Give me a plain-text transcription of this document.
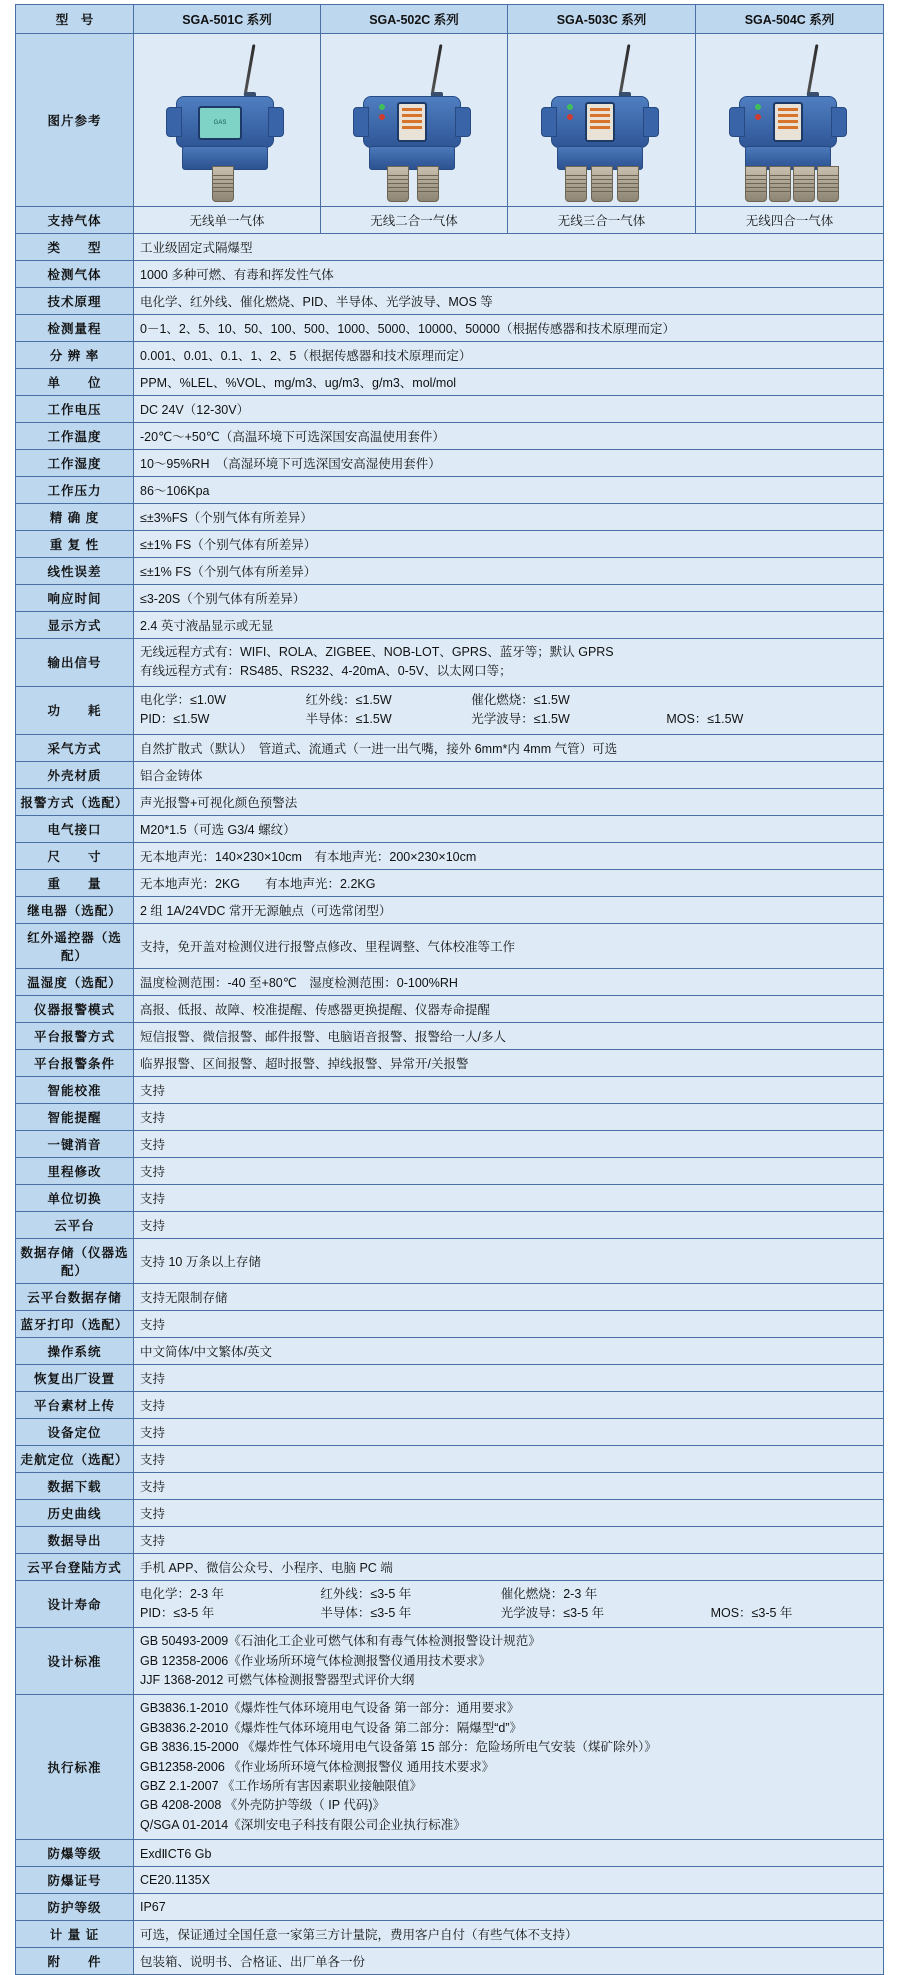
型　号	SGA-501C 系列	SGA-502C 系列	SGA-503C 系列	SGA-504C 系列
图片参考	GAS			

支持气体	无线单一气体	无线二合一气体	无线三合一气体	无线四合一气体
类　　型	工业级固定式隔爆型			
检测气体	1000 多种可燃、有毒和挥发性气体			
技术原理	电化学、红外线、催化燃烧、PID、半导体、光学波导、MOS 等			
检测量程	0－1、2、5、10、50、100、500、1000、5000、10000、50000（根据传感器和技术原理而定）			
分 辨 率	0.001、0.01、0.1、1、2、5（根据传感器和技术原理而定）			
单　　位	PPM、%LEL、%VOL、mg/m3、ug/m3、g/m3、mol/mol			
工作电压	DC 24V（12-30V）			
工作温度	-20℃～+50℃（高温环境下可选深国安高温使用套件）			
工作湿度	10～95%RH　（高湿环境下可选深国安高湿使用套件）			
工作压力	86～106Kpa			
精 确 度	≤±3%FS（个别气体有所差异）			
重 复 性	≤±1% FS（个别气体有所差异）			
线性误差	≤±1% FS（个别气体有所差异）			
响应时间	≤3-20S（个别气体有所差异）			
显示方式	2.4 英寸液晶显示或无显			
输出信号	无线远程方式有：WIFI、ROLA、ZIGBEE、NOB-LOT、GPRS、蓝牙等；默认 GPRS
有线远程方式有：RS485、RS232、4-20mA、0-5V、以太网口等；			

功　　耗	电化学：≤1.0W 红外线：≤1.5W 催化燃烧：≤1.5W
PID：≤1.5W 半导体：≤1.5W 光学波导：≤1.5W MOS：≤1.5W			

采气方式	自然扩散式（默认）　管道式、流通式（一进一出气嘴，接外 6mm*内 4mm 气管）可选			
外壳材质	铝合金铸体			
报警方式（选配）	声光报警+可视化颜色预警法			
电气接口	M20*1.5（可选 G3/4 螺纹）			
尺　　寸	无本地声光：140×230×10cm　有本地声光：200×230×10cm			
重　　量	无本地声光：2KG　　有本地声光：2.2KG			
继电器（选配）	2 组 1A/24VDC 常开无源触点（可选常闭型）			
红外遥控器（选配）	支持，免开盖对检测仪进行报警点修改、里程调整、气体校准等工作			
温湿度（选配）	温度检测范围：-40 至+80℃　湿度检测范围：0-100%RH			
仪器报警模式	高报、低报、故障、校准提醒、传感器更换提醒、仪器寿命提醒			
平台报警方式	短信报警、微信报警、邮件报警、电脑语音报警、报警给一人/多人			
平台报警条件	临界报警、区间报警、超时报警、掉线报警、异常开/关报警			
智能校准	支持			
智能提醒	支持			
一键消音	支持			
里程修改	支持			
单位切换	支持			
云平台	支持			
数据存储（仪器选配）	支持 10 万条以上存储			
云平台数据存储	支持无限制存储			
蓝牙打印（选配）	支持			
操作系统	中文简体/中文繁体/英文			
恢复出厂设置	支持			
平台素材上传	支持			
设备定位	支持			
走航定位（选配）	支持			
数据下载	支持			
历史曲线	支持			
数据导出	支持			
云平台登陆方式	手机 APP、微信公众号、小程序、电脑 PC 端			
设计寿命	电化学：2-3 年 红外线：≤3-5 年 催化燃烧：2-3 年
PID：≤3-5 年 半导体：≤3-5 年 光学波导：≤3-5 年 MOS：≤3-5 年			

设计标准	GB 50493-2009《石油化工企业可燃气体和有毒气体检测报警设计规范》
GB 12358-2006《作业场所环境气体检测报警仪通用技术要求》
JJF 1368-2012 可燃气体检测报警器型式评价大纲			

执行标准	
GB3836.1-2010《爆炸性气体环境用电气设备 第一部分：通用要求》
GB3836.2-2010《爆炸性气体环境用电气设备 第二部分：隔爆型“d”》
GB 3836.15-2000 《爆炸性气体环境用电气设备第 15 部分：危险场所电气安装（煤矿除外）》
GB12358-2006 《作业场所环境气体检测报警仪 通用技术要求》
GBZ 2.1-2007 《工作场所有害因素职业接触限值》
GB 4208-2008 《外壳防护等级（ IP 代码)》
Q/SGA 01-2014《深圳安电子科技有限公司企业执行标准》

防爆等级	ExdⅡCT6 Gb			
防爆证号	CE20.1135X			
防护等级	IP67			
计 量 证	可选，保证通过全国任意一家第三方计量院，费用客户自付（有些气体不支持）			
附　　件	包装箱、说明书、合格证、出厂单各一份			
